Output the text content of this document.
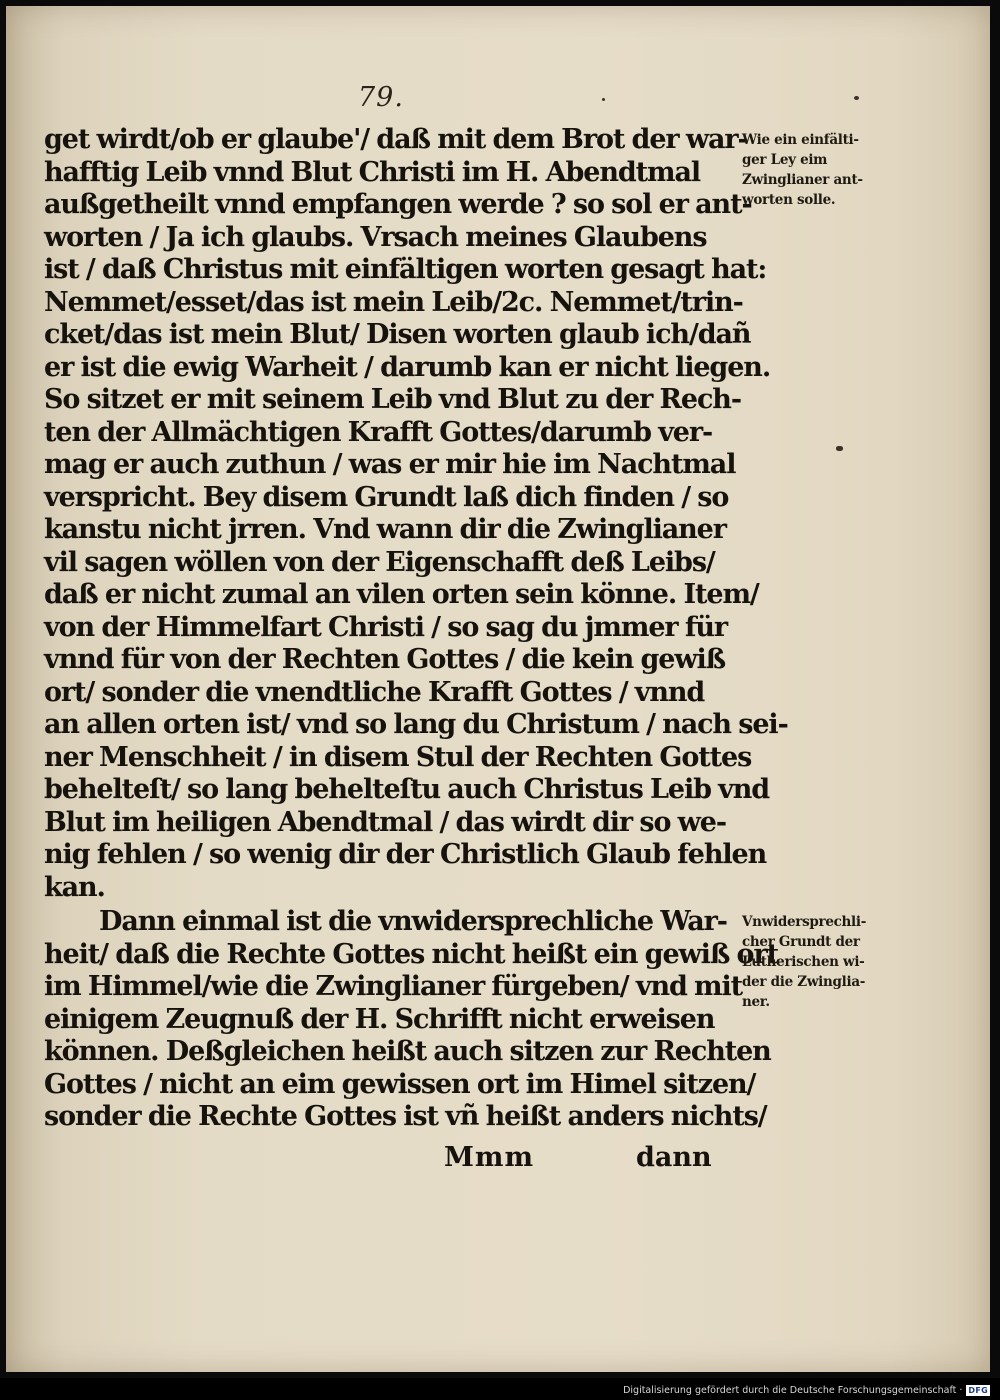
79.
get wirdt/ob er glaube'/ daß mit dem Brot der war-
hafftig Leib vnnd Blut Christi im H. Abendtmal
außgetheilt vnnd empfangen werde ? so sol er ant-
worten / Ja ich glaubs. Vrsach meines Glaubens
ist / daß Christus mit einfältigen worten gesagt hat:
Nemmet/esset/das ist mein Leib/2c. Nemmet/trin-
cket/das ist mein Blut/ Disen worten glaub ich/dañ
er ist die ewig Warheit / darumb kan er nicht liegen.
So sitzet er mit seinem Leib vnd Blut zu der Rech-
ten der Allmächtigen Krafft Gottes/darumb ver-
mag er auch zuthun / was er mir hie im Nachtmal
verspricht. Bey disem Grundt laß dich finden / so
kanstu nicht jrren. Vnd wann dir die Zwinglianer
vil sagen wöllen von der Eigenschafft deß Leibs/
daß er nicht zumal an vilen orten sein könne. Item/
von der Himmelfart Christi / so sag du jmmer für
vnnd für von der Rechten Gottes / die kein gewiß
ort/ sonder die vnendtliche Krafft Gottes / vnnd
an allen orten ist/ vnd so lang du Christum / nach sei-
ner Menschheit / in disem Stul der Rechten Gottes
behelteſt/ so lang behelteſtu auch Christus Leib vnd
Blut im heiligen Abendtmal / das wirdt dir so we-
nig fehlen / so wenig dir der Christlich Glaub fehlen
kan.
Dann einmal ist die vnwidersprechliche War-
heit/ daß die Rechte Gottes nicht heißt ein gewiß ort
im Himmel/wie die Zwinglianer fürgeben/ vnd mit
einigem Zeugnuß der H. Schrifft nicht erweisen
können. Deßgleichen heißt auch sitzen zur Rechten
Gottes / nicht an eim gewissen ort im Himel sitzen/
sonder die Rechte Gottes ist vñ heißt anders nichts/
Wie ein einfälti-
ger Ley eim
Zwinglianer ant-
worten solle.
Vnwidersprechli-
cher Grundt der
Lutherischen wi-
der die Zwinglia-
ner.
Mmm	dann
Digitalisierung gefördert durch die Deutsche Forschungsgemeinschaft · DFG
